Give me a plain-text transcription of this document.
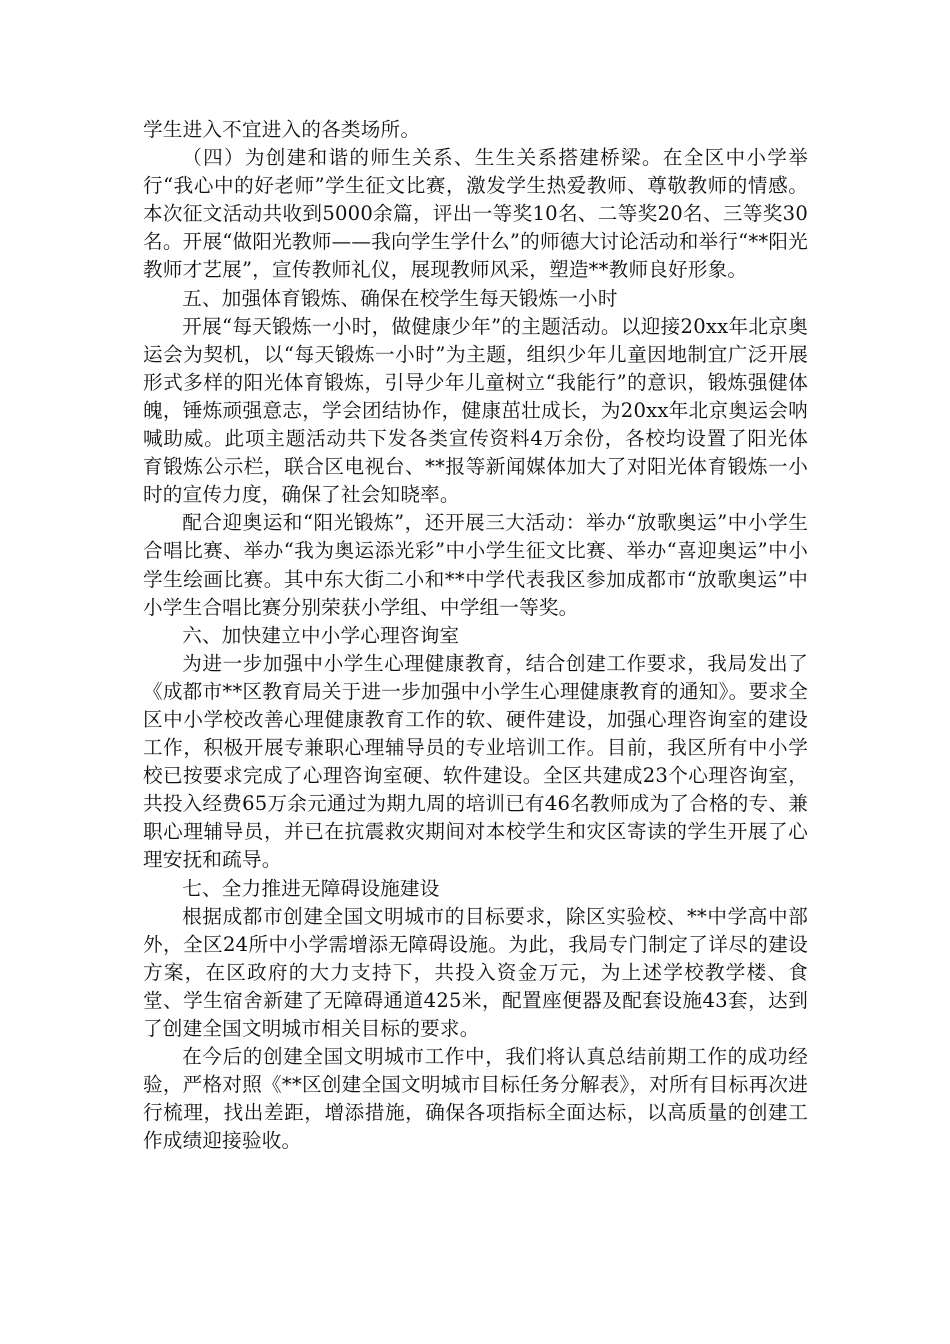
学生进入不宜进入的各类场所。

（四）为创建和谐的师生关系、生生关系搭建桥梁。在全区中小学举行“我心中的好老师”学生征文比赛，激发学生热爱教师、尊敬教师的情感。本次征文活动共收到5000余篇，评出一等奖10名、二等奖20名、三等奖30名。开展“做阳光教师——我向学生学什么”的师德大讨论活动和举行“**阳光教师才艺展”，宣传教师礼仪，展现教师风采，塑造**教师良好形象。

五、加强体育锻炼、确保在校学生每天锻炼一小时

开展“每天锻炼一小时，做健康少年”的主题活动。以迎接20xx年北京奥运会为契机，以“每天锻炼一小时”为主题，组织少年儿童因地制宜广泛开展形式多样的阳光体育锻炼，引导少年儿童树立“我能行”的意识，锻炼强健体魄，锤炼顽强意志，学会团结协作，健康茁壮成长，为20xx年北京奥运会呐喊助威。此项主题活动共下发各类宣传资料4万余份，各校均设置了阳光体育锻炼公示栏，联合区电视台、**报等新闻媒体加大了对阳光体育锻炼一小时的宣传力度，确保了社会知晓率。

配合迎奥运和“阳光锻炼”，还开展三大活动：举办“放歌奥运”中小学生合唱比赛、举办“我为奥运添光彩”中小学生征文比赛、举办“喜迎奥运”中小学生绘画比赛。其中东大街二小和**中学代表我区参加成都市“放歌奥运”中小学生合唱比赛分别荣获小学组、中学组一等奖。

六、加快建立中小学心理咨询室

为进一步加强中小学生心理健康教育，结合创建工作要求，我局发出了《成都市**区教育局关于进一步加强中小学生心理健康教育的通知》。要求全区中小学校改善心理健康教育工作的软、硬件建设，加强心理咨询室的建设工作，积极开展专兼职心理辅导员的专业培训工作。目前，我区所有中小学校已按要求完成了心理咨询室硬、软件建设。全区共建成23个心理咨询室，共投入经费65万余元通过为期九周的培训已有46名教师成为了合格的专、兼职心理辅导员，并已在抗震救灾期间对本校学生和灾区寄读的学生开展了心理安抚和疏导。

七、全力推进无障碍设施建设

根据成都市创建全国文明城市的目标要求，除区实验校、**中学高中部外，全区24所中小学需增添无障碍设施。为此，我局专门制定了详尽的建设方案，在区政府的大力支持下，共投入资金万元，为上述学校教学楼、食堂、学生宿舍新建了无障碍通道425米，配置座便器及配套设施43套，达到了创建全国文明城市相关目标的要求。

在今后的创建全国文明城市工作中，我们将认真总结前期工作的成功经验，严格对照《**区创建全国文明城市目标任务分解表》，对所有目标再次进行梳理，找出差距，增添措施，确保各项指标全面达标，以高质量的创建工作成绩迎接验收。
